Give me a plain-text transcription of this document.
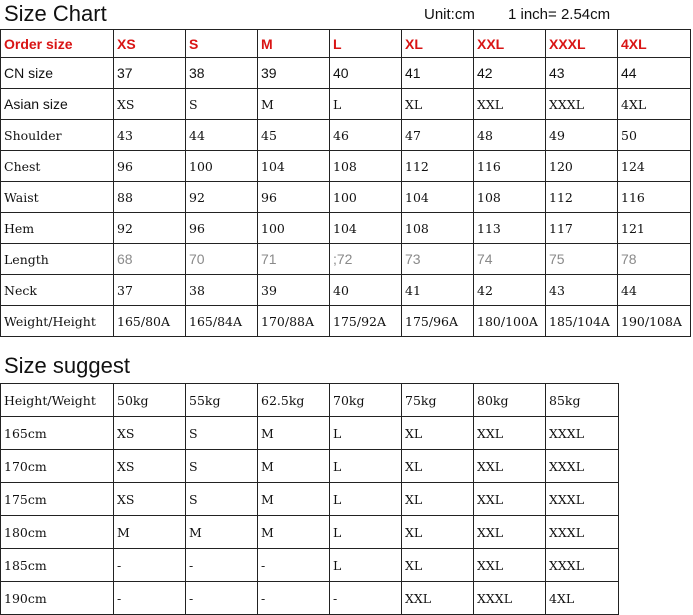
Size Chart	Unit:cm 1 inch= 2.54cm
Order size	XS	S	M	L	XL	XXL	XXXL	4XL
CN size	37	38	39	40	41	42	43	44
Asian size	XS	S	M	L	XL	XXL	XXXL	4XL
Shoulder	43	44	45	46	47	48	49	50
Chest	96	100	104	108	112	116	120	124
Waist	88	92	96	100	104	108	112	116
Hem	92	96	100	104	108	113	117	121
Length	68	70	71	;72	73	74	75	78
Neck	37	38	39	40	41	42	43	44
Weight/Height	165/80A	165/84A	170/88A	175/92A	175/96A	180/100A	185/104A	190/108A
Size suggest
Height/Weight	50kg	55kg	62.5kg	70kg	75kg	80kg	85kg
165cm	XS	S	M	L	XL	XXL	XXXL
170cm	XS	S	M	L	XL	XXL	XXXL
175cm	XS	S	M	L	XL	XXL	XXXL
180cm	M	M	M	L	XL	XXL	XXXL
185cm	-	-	-	L	XL	XXL	XXXL
190cm	-	-	-	-	XXL	XXXL	4XL
